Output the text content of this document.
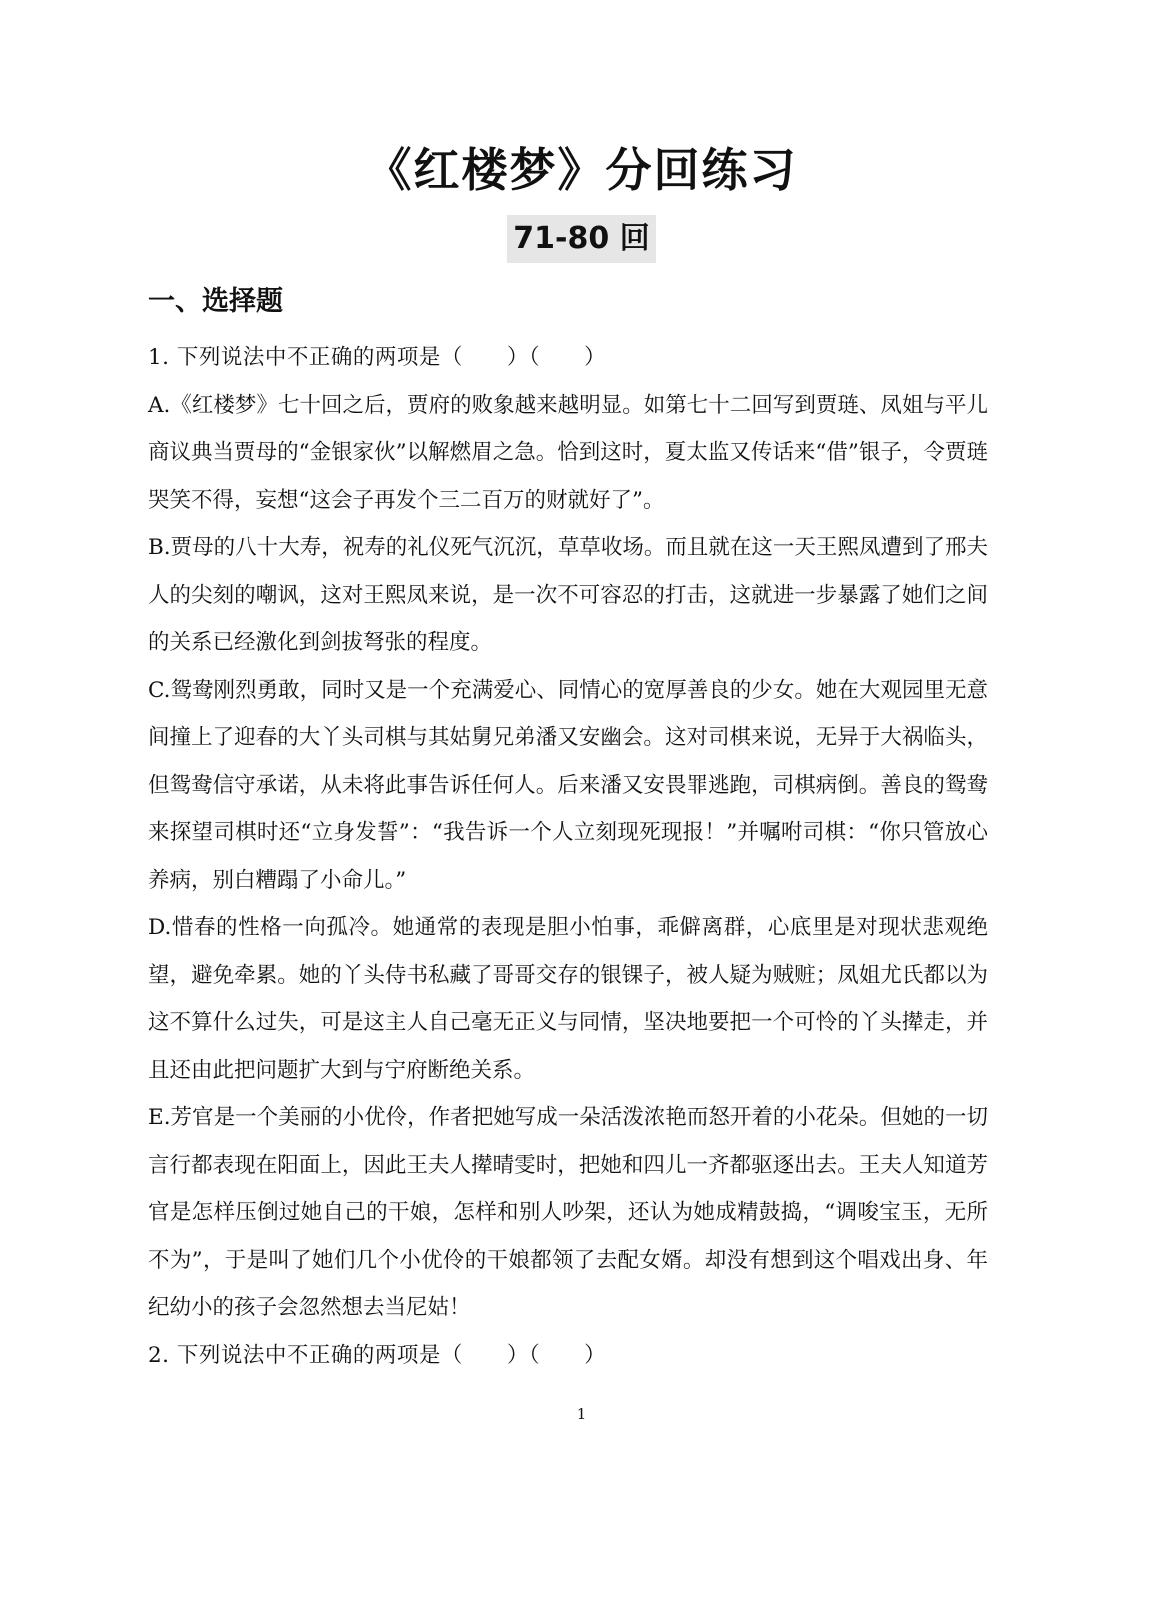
《红楼梦》分回练习
71-80 回
一、选择题

1. 下列说法中不正确的两项是（　　）（　　）

A.《红楼梦》七十回之后，贾府的败象越来越明显。如第七十二回写到贾琏、凤姐与平儿商议典当贾母的“金银家伙”以解燃眉之急。恰到这时，夏太监又传话来“借”银子，令贾琏哭笑不得，妄想“这会子再发个三二百万的财就好了”。

B.贾母的八十大寿，祝寿的礼仪死气沉沉，草草收场。而且就在这一天王熙凤遭到了邢夫人的尖刻的嘲讽，这对王熙凤来说，是一次不可容忍的打击，这就进一步暴露了她们之间的关系已经激化到剑拔弩张的程度。

C.鸳鸯刚烈勇敢，同时又是一个充满爱心、同情心的宽厚善良的少女。她在大观园里无意间撞上了迎春的大丫头司棋与其姑舅兄弟潘又安幽会。这对司棋来说，无异于大祸临头，但鸳鸯信守承诺，从未将此事告诉任何人。后来潘又安畏罪逃跑，司棋病倒。善良的鸳鸯来探望司棋时还“立身发誓”：“我告诉一个人立刻现死现报！”并嘱咐司棋：“你只管放心养病，别白糟蹋了小命儿。”

D.惜春的性格一向孤冷。她通常的表现是胆小怕事，乖僻离群，心底里是对现状悲观绝望，避免牵累。她的丫头侍书私藏了哥哥交存的银锞子，被人疑为贼赃；凤姐尤氏都以为这不算什么过失，可是这主人自己毫无正义与同情，坚决地要把一个可怜的丫头撵走，并且还由此把问题扩大到与宁府断绝关系。

E.芳官是一个美丽的小优伶，作者把她写成一朵活泼浓艳而怒开着的小花朵。但她的一切言行都表现在阳面上，因此王夫人撵晴雯时，把她和四儿一齐都驱逐出去。王夫人知道芳官是怎样压倒过她自己的干娘，怎样和别人吵架，还认为她成精鼓捣，“调唆宝玉，无所不为”，于是叫了她们几个小优伶的干娘都领了去配女婿。却没有想到这个唱戏出身、年纪幼小的孩子会忽然想去当尼姑！

2. 下列说法中不正确的两项是（　　）（　　）

1
